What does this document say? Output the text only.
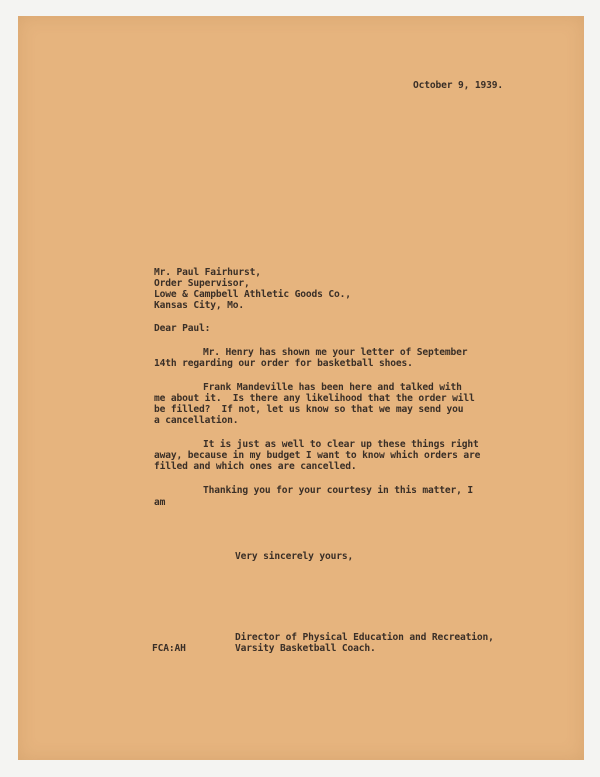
October 9, 1939.
Mr. Paul Fairhurst,
Order Supervisor,
Lowe & Campbell Athletic Goods Co.,
Kansas City, Mo.
Dear Paul:
Mr. Henry has shown me your letter of September
14th regarding our order for basketball shoes.
Frank Mandeville has been here and talked with
me about it.  Is there any likelihood that the order will
be filled?  If not, let us know so that we may send you
a cancellation.
It is just as well to clear up these things right
away, because in my budget I want to know which orders are
filled and which ones are cancelled.
Thanking you for your courtesy in this matter, I
am
Very sincerely yours,
Director of Physical Education and Recreation,
Varsity Basketball Coach.
FCA:AH
